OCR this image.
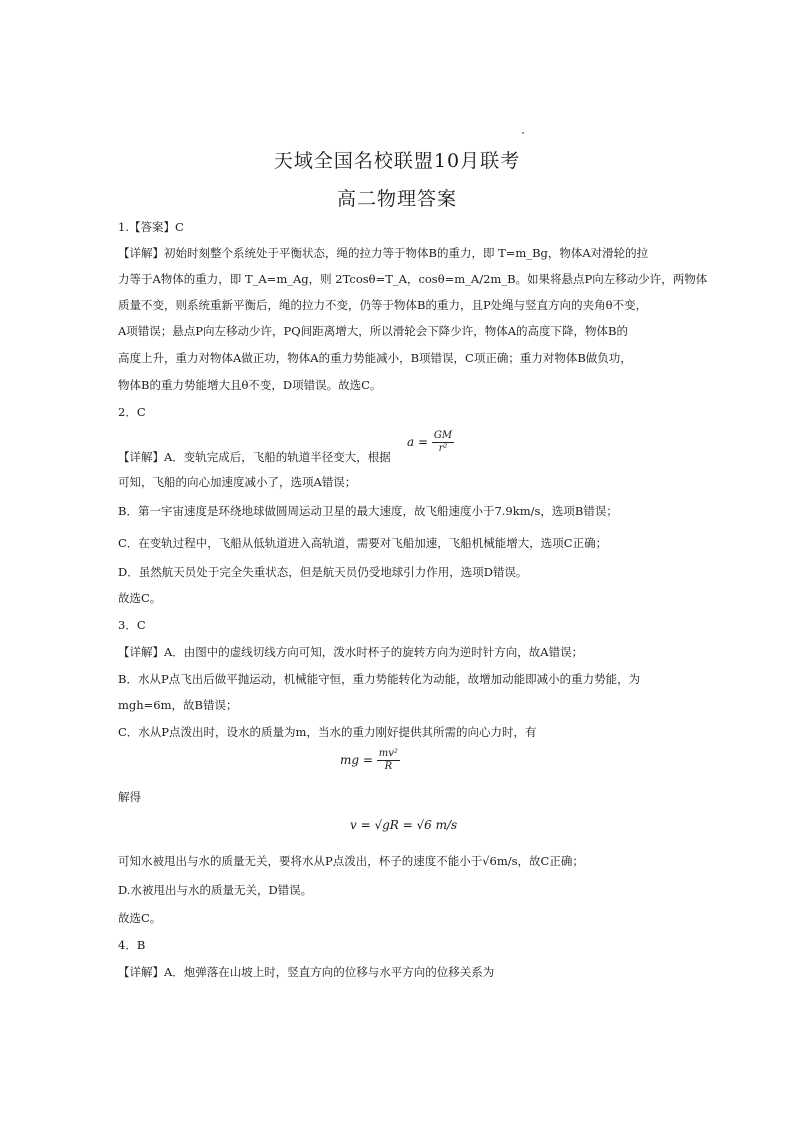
天域全国名校联盟10月联考
高二物理答案
1.【答案】C
【详解】初始时刻整个系统处于平衡状态，绳的拉力等于物体B的重力，即 T=m_Bg，物体A对滑轮的拉
力等于A物体的重力，即 T_A=m_Ag，则 2Tcosθ=T_A，cosθ=m_A/2m_B。如果将悬点P向左移动少许，两物体
质量不变，则系统重新平衡后，绳的拉力不变，仍等于物体B的重力，且P处绳与竖直方向的夹角θ不变，
A项错误；悬点P向左移动少许，PQ间距离增大，所以滑轮会下降少许，物体A的高度下降，物体B的
高度上升，重力对物体A做正功，物体A的重力势能减小，B项错误，C项正确；重力对物体B做负功，
物体B的重力势能增大且θ不变，D项错误。故选C。
2．C
$a = \frac{GM}{\text{r²}}$
【详解】A．变轨完成后，飞船的轨道半径变大，根据
可知，飞船的向心加速度减小了，选项A错误；
B．第一宇宙速度是环绕地球做圆周运动卫星的最大速度，故飞船速度小于7.9km/s，选项B错误；
C．在变轨过程中，飞船从低轨道进入高轨道，需要对飞船加速，飞船机械能增大，选项C正确；
D．虽然航天员处于完全失重状态，但是航天员仍受地球引力作用，选项D错误。
故选C。
3．C
【详解】A．由图中的虚线切线方向可知，泼水时杯子的旋转方向为逆时针方向，故A错误；
B．水从P点飞出后做平抛运动，机械能守恒，重力势能转化为动能，故增加动能即减小的重力势能，为
mgh=6m，故B错误；
C．水从P点泼出时，设水的质量为m，当水的重力刚好提供其所需的向心力时，有
mg = $\frac{\text{mv²}}{R}$
解得
v = √gR = √6 m/s
可知水被甩出与水的质量无关，要将水从P点泼出，杯子的速度不能小于√6m/s，故C正确；
D.水被甩出与水的质量无关，D错误。
故选C。
4．B
【详解】A．炮弹落在山坡上时，竖直方向的位移与水平方向的位移关系为
